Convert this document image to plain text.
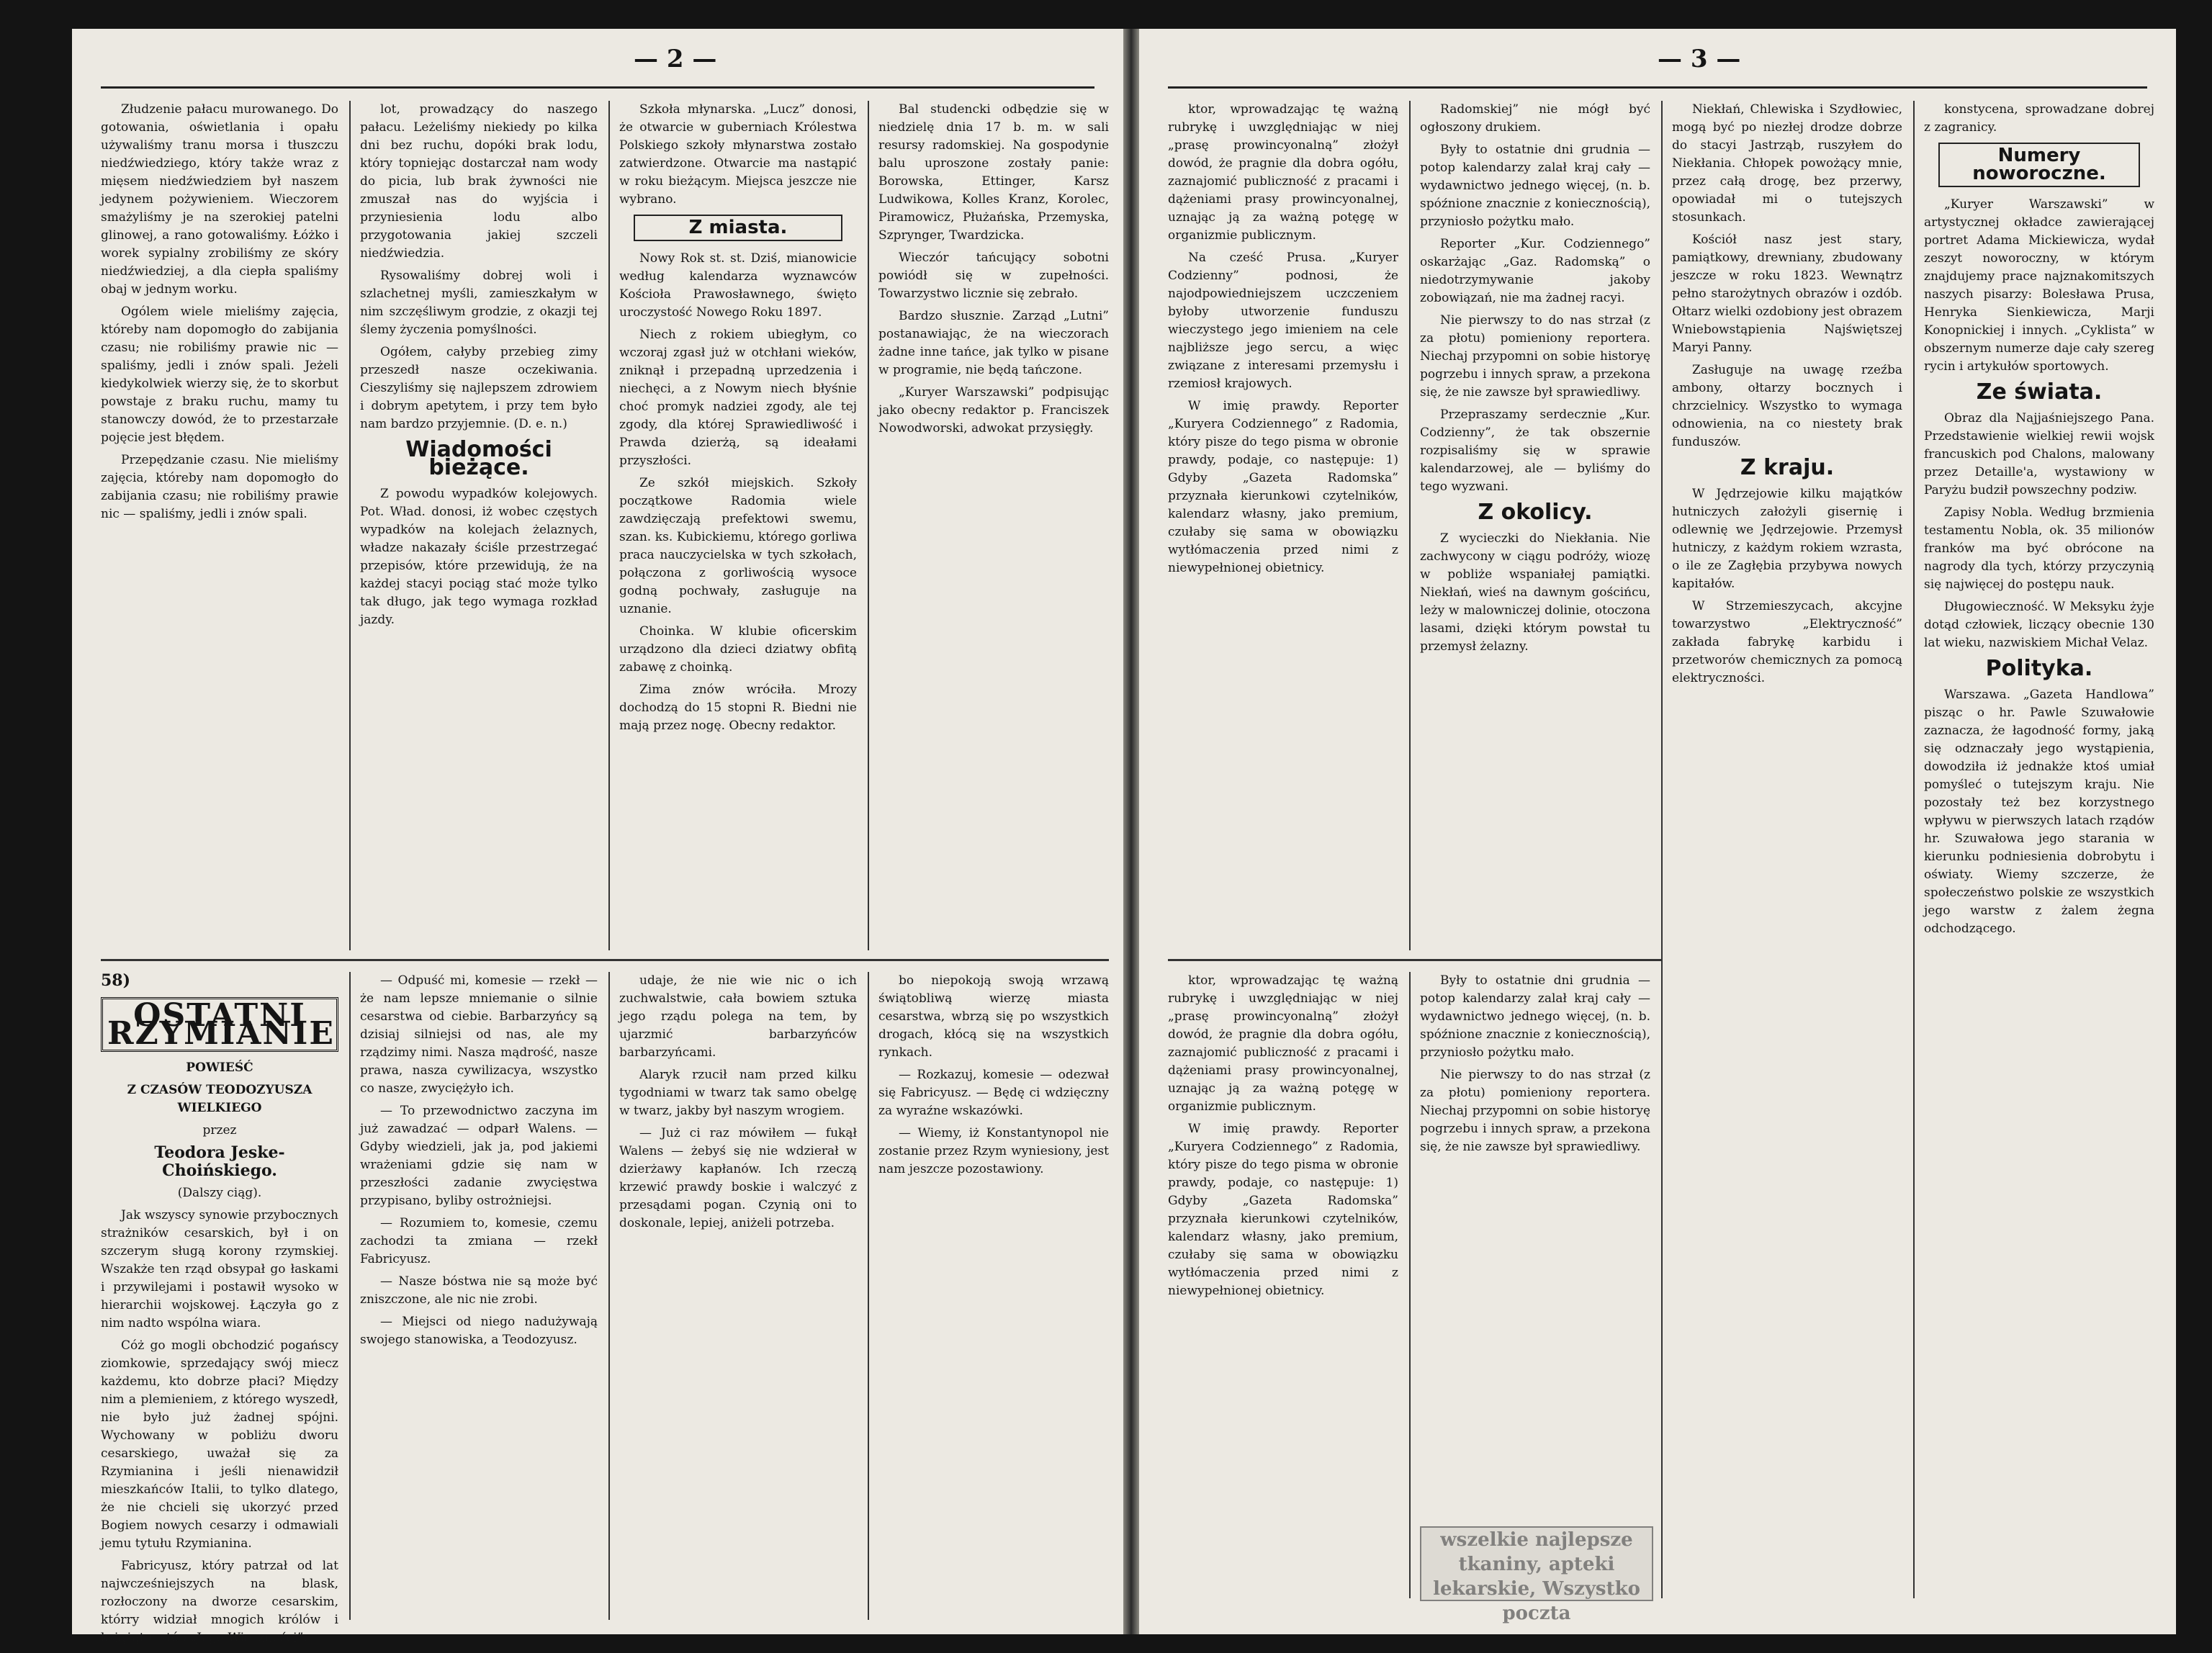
— 2 —

Złudzenie pałacu murowanego. Do gotowania, oświetlania i opału używaliśmy tranu morsa i tłuszczu niedźwiedziego, który także wraz z mięsem niedźwiedziem był naszem jedynem pożywieniem. Wieczorem smażyliśmy je na szerokiej patelni glinowej, a rano gotowaliśmy. Łóżko i worek sypialny zrobiliśmy ze skóry niedźwiedziej, a dla ciepła spaliśmy obaj w jednym worku.

Ogólem wiele mieliśmy zajęcia, któreby nam dopomogło do zabijania czasu; nie robiliśmy prawie nic — spaliśmy, jedli i znów spali. Jeżeli kiedykolwiek wierzy się, że to skorbut powstaje z braku ruchu, mamy tu stanowczy dowód, że to przestarzałe pojęcie jest błędem.

Przepędzanie czasu. Nie mieliśmy zajęcia, któreby nam dopomogło do zabijania czasu; nie robiliśmy prawie nic — spaliśmy, jedli i znów spali.

lot, prowadzący do naszego pałacu. Leżeliśmy niekiedy po kilka dni bez ruchu, dopóki brak lodu, który topniejąc dostarczał nam wody do picia, lub brak żywności nie zmuszał nas do wyjścia i przyniesienia lodu albo przygotowania jakiej szczeli niedźwiedzia.

Rysowaliśmy dobrej woli i szlachetnej myśli, zamieszkałym w nim szczęśliwym grodzie, z okazji tej ślemy życzenia pomyślności.

Ogółem, całyby przebieg zimy przeszedł nasze oczekiwania. Cieszyliśmy się najlepszem zdrowiem i dobrym apetytem, i przy tem było nam bardzo przyjemnie. (D. e. n.)

Wiadomości bieżące.

Z powodu wypadków kolejowych. Pot. Wład. donosi, iż wobec częstych wypadków na kolejach żelaznych, władze nakazały ściśle przestrzegać przepisów, które przewidują, że na każdej stacyi pociąg stać może tylko tak długo, jak tego wymaga rozkład jazdy.

Szkoła młynarska. „Lucz” donosi, że otwarcie w guberniach Królestwa Polskiego szkoły młynarstwa zostało zatwierdzone. Otwarcie ma nastąpić w roku bieżącym. Miejsca jeszcze nie wybrano.

Z miasta.

Nowy Rok st. st. Dziś, mianowicie według kalendarza wyznawców Kościoła Prawosławnego, święto uroczystość Nowego Roku 1897.

Niech z rokiem ubiegłym, co wczoraj zgasł już w otchłani wieków, zniknął i przepadną uprzedzenia i niechęci, a z Nowym niech błyśnie choć promyk nadziei zgody, ale tej zgody, dla której Sprawiedliwość i Prawda dzierżą, są ideałami przyszłości.

Ze szkół miejskich. Szkoły początkowe Radomia wiele zawdzięczają prefektowi swemu, szan. ks. Kubickiemu, którego gorliwa praca nauczycielska w tych szkołach, połączona z gorliwością wysoce godną pochwały, zasługuje na uznanie.

Choinka. W klubie oficerskim urządzono dla dzieci dziatwy obfitą zabawę z choinką.

Zima znów wróciła. Mrozy dochodzą do 15 stopni R. Biedni nie mają przez nogę. Obecny redaktor.

Bal studencki odbędzie się w niedzielę dnia 17 b. m. w sali resursy radomskiej. Na gospodynie balu uproszone zostały panie: Borowska, Ettinger, Karsz Ludwikowa, Kolles Kranz, Korolec, Piramowicz, Płużańska, Przemyska, Szprynger, Twardzicka.

Wieczór tańcujący sobotni powiódł się w zupełności. Towarzystwo licznie się zebrało.

Bardzo słusznie. Zarząd „Lutni” postanawiając, że na wieczorach żadne inne tańce, jak tylko w pisane w programie, nie będą tańczone.

„Kuryer Warszawski” podpisując jako obecny redaktor p. Franciszek Nowodworski, adwokat przysięgły.

58)
OSTATNI RZYMIANIE

POWIEŚĆ

Z CZASÓW TEODOZYUSZA WIELKIEGO

przez

Teodora Jeske-Choińskiego.

(Dalszy ciąg).

Jak wszyscy synowie przybocznych strażników cesarskich, był i on szczerym sługą korony rzymskiej. Wszakże ten rząd obsypał go łaskami i przywilejami i postawił wysoko w hierarchii wojskowej. Łączyła go z nim nadto wspólna wiara.

Cóż go mogli obchodzić pogańscy ziomkowie, sprzedający swój miecz każdemu, kto dobrze płaci? Między nim a plemieniem, z którego wyszedł, nie było już żadnej spójni. Wychowany w pobliżu dworu cesarskiego, uważał się za Rzymianina i jeśli nienawidził mieszkańców Italii, to tylko dlatego, że nie chcieli się ukorzyć przed Bogiem nowych cesarzy i odmawiali jemu tytułu Rzymianina.

Fabricyusz, który patrzał od lat najwcześniejszych na blask, rozłoczony na dworze cesarskim, którry widział mnogich królów i książąt u stóp „Jego Wieczności”.

— Odpuść mi, komesie — rzekł — że nam lepsze mniemanie o silnie cesarstwa od ciebie. Barbarzyńcy są dzisiaj silniejsi od nas, ale my rządzimy nimi. Nasza mądrość, nasze prawa, nasza cywilizacya, wszystko co nasze, zwyciężyło ich.

— To przewodnictwo zaczyna im już zawadzać — odparł Walens. — Gdyby wiedzieli, jak ja, pod jakiemi wrażeniami gdzie się nam w przeszłości zadanie zwycięstwa przypisano, byliby ostrożniejsi.

— Rozumiem to, komesie, czemu zachodzi ta zmiana — rzekł Fabricyusz.

— Nasze bóstwa nie są może być zniszczone, ale nic nie zrobi.

— Miejsci od niego nadużywają swojego stanowiska, a Teodozyusz.

udaje, że nie wie nic o ich zuchwalstwie, cała bowiem sztuka jego rządu polega na tem, by ujarzmić barbarzyńców barbarzyńcami.

Alaryk rzucił nam przed kilku tygodniami w twarz tak samo obelgę w twarz, jakby był naszym wrogiem.

— Już ci raz mówiłem — fukął Walens — żebyś się nie wdzierał w dzierżawy kapłanów. Ich rzeczą krzewić prawdy boskie i walczyć z przesądami pogan. Czynią oni to doskonale, lepiej, aniżeli potrzeba.

bo niepokoją swoją wrzawą świątobliwą wierzę miasta cesarstwa, wbrzą się po wszystkich drogach, kłócą się na wszystkich rynkach.

— Rozkazuj, komesie — odezwał się Fabricyusz. — Będę ci wdzięczny za wyraźne wskazówki.

— Wiemy, iż Konstantynopol nie zostanie przez Rzym wyniesiony, jest nam jeszcze pozostawiony.

— 3 —

ktor, wprowadzając tę ważną rubrykę i uwzględniając w niej „prasę prowincyonalną” złożył dowód, że pragnie dla dobra ogółu, zaznajomić publiczność z pracami i dążeniami prasy prowincyonalnej, uznając ją za ważną potęgę w organizmie publicznym.

Na cześć Prusa. „Kuryer Codzienny” podnosi, że najodpowiedniejszem uczczeniem byłoby utworzenie funduszu wieczystego jego imieniem na cele najbliższe jego sercu, a więc związane z interesami przemysłu i rzemiosł krajowych.

W imię prawdy. Reporter „Kuryera Codziennego” z Radomia, który pisze do tego pisma w obronie prawdy, podaje, co następuje: 1) Gdyby „Gazeta Radomska” przyznała kierunkowi czytelników, kalendarz własny, jako premium, czułaby się sama w obowiązku wytłómaczenia przed nimi z niewypełnionej obietnicy.

Radomskiej” nie mógł być ogłoszony drukiem.

Były to ostatnie dni grudnia — potop kalendarzy zalał kraj cały — wydawnictwo jednego więcej, (n. b. spóźnione znacznie z koniecznością), przyniosło pożytku mało.

Reporter „Kur. Codziennego” oskarżając „Gaz. Radomską” o niedotrzymywanie jakoby zobowiązań, nie ma żadnej racyi.

Nie pierwszy to do nas strzał (z za płotu) pomieniony reportera. Niechaj przypomni on sobie historyę pogrzebu i innych spraw, a przekona się, że nie zawsze był sprawiedliwy.

Przepraszamy serdecznie „Kur. Codzienny”, że tak obszernie rozpisaliśmy się w sprawie kalendarzowej, ale — byliśmy do tego wyzwani.

Z okolicy.

Z wycieczki do Niekłania. Nie zachwycony w ciągu podróży, wiozę w pobliże wspaniałej pamiątki. Niekłań, wieś na dawnym gościńcu, leży w malowniczej dolinie, otoczona lasami, dzięki którym powstał tu przemysł żelazny.

Niekłań, Chlewiska i Szydłowiec, mogą być po niezłej drodze dobrze do stacyi Jastrząb, ruszyłem do Niekłania. Chłopek powożący mnie, przez całą drogę, bez przerwy, opowiadał mi o tutejszych stosunkach.

Kościół nasz jest stary, pamiątkowy, drewniany, zbudowany jeszcze w roku 1823. Wewnątrz pełno starożytnych obrazów i ozdób. Ołtarz wielki ozdobiony jest obrazem Wniebowstąpienia Najświętszej Maryi Panny.

Zasługuje na uwagę rzeźba ambony, ołtarzy bocznych i chrzcielnicy. Wszystko to wymaga odnowienia, na co niestety brak funduszów.

Z kraju.

W Jędrzejowie kilku majątków hutniczych założyli gisernię i odlewnię we Jędrzejowie. Przemysł hutniczy, z każdym rokiem wzrasta, o ile ze Zagłębia przybywa nowych kapitałów.

W Strzemieszycach, akcyjne towarzystwo „Elektryczność” zakłada fabrykę karbidu i przetworów chemicznych za pomocą elektryczności.

konstycena, sprowadzane dobrej z zagranicy.

Numery noworoczne.

„Kuryer Warszawski” w artystycznej okładce zawierającej portret Adama Mickiewicza, wydał zeszyt noworoczny, w którym znajdujemy prace najznakomitszych naszych pisarzy: Bolesława Prusa, Henryka Sienkiewicza, Marji Konopnickiej i innych. „Cyklista” w obszernym numerze daje cały szereg rycin i artykułów sportowych.

Ze świata.

Obraz dla Najjaśniejszego Pana. Przedstawienie wielkiej rewii wojsk francuskich pod Chalons, malowany przez Detaille'a, wystawiony w Paryżu budził powszechny podziw.

Zapisy Nobla. Według brzmienia testamentu Nobla, ok. 35 milionów franków ma być obrócone na nagrody dla tych, którzy przyczynią się najwięcej do postępu nauk.

Długowieczność. W Meksyku żyje dotąd człowiek, liczący obecnie 130 lat wieku, nazwiskiem Michał Velaz.

Polityka.

Warszawa. „Gazeta Handlowa” pisząc o hr. Pawle Szuwałowie zaznacza, że łagodność formy, jaką się odznaczały jego wystąpienia, dowodziła iż jednakże ktoś umiał pomyśleć o tutejszym kraju. Nie pozostały też bez korzystnego wpływu w pierwszych latach rządów hr. Szuwałowa jego starania w kierunku podniesienia dobrobytu i oświaty. Wiemy szczerze, że społeczeństwo polskie ze wszystkich jego warstw z żalem żegna odchodzącego.

ktor, wprowadzając tę ważną rubrykę i uwzględniając w niej „prasę prowincyonalną” złożył dowód, że pragnie dla dobra ogółu, zaznajomić publiczność z pracami i dążeniami prasy prowincyonalnej, uznając ją za ważną potęgę w organizmie publicznym.

W imię prawdy. Reporter „Kuryera Codziennego” z Radomia, który pisze do tego pisma w obronie prawdy, podaje, co następuje: 1) Gdyby „Gazeta Radomska” przyznała kierunkowi czytelników, kalendarz własny, jako premium, czułaby się sama w obowiązku wytłómaczenia przed nimi z niewypełnionej obietnicy.

Były to ostatnie dni grudnia — potop kalendarzy zalał kraj cały — wydawnictwo jednego więcej, (n. b. spóźnione znacznie z koniecznością), przyniosło pożytku mało.

Nie pierwszy to do nas strzał (z za płotu) pomieniony reportera. Niechaj przypomni on sobie historyę pogrzebu i innych spraw, a przekona się, że nie zawsze był sprawiedliwy.

wszelkie najlepsze tkaniny, apteki lekarskie, Wszystko poczta
